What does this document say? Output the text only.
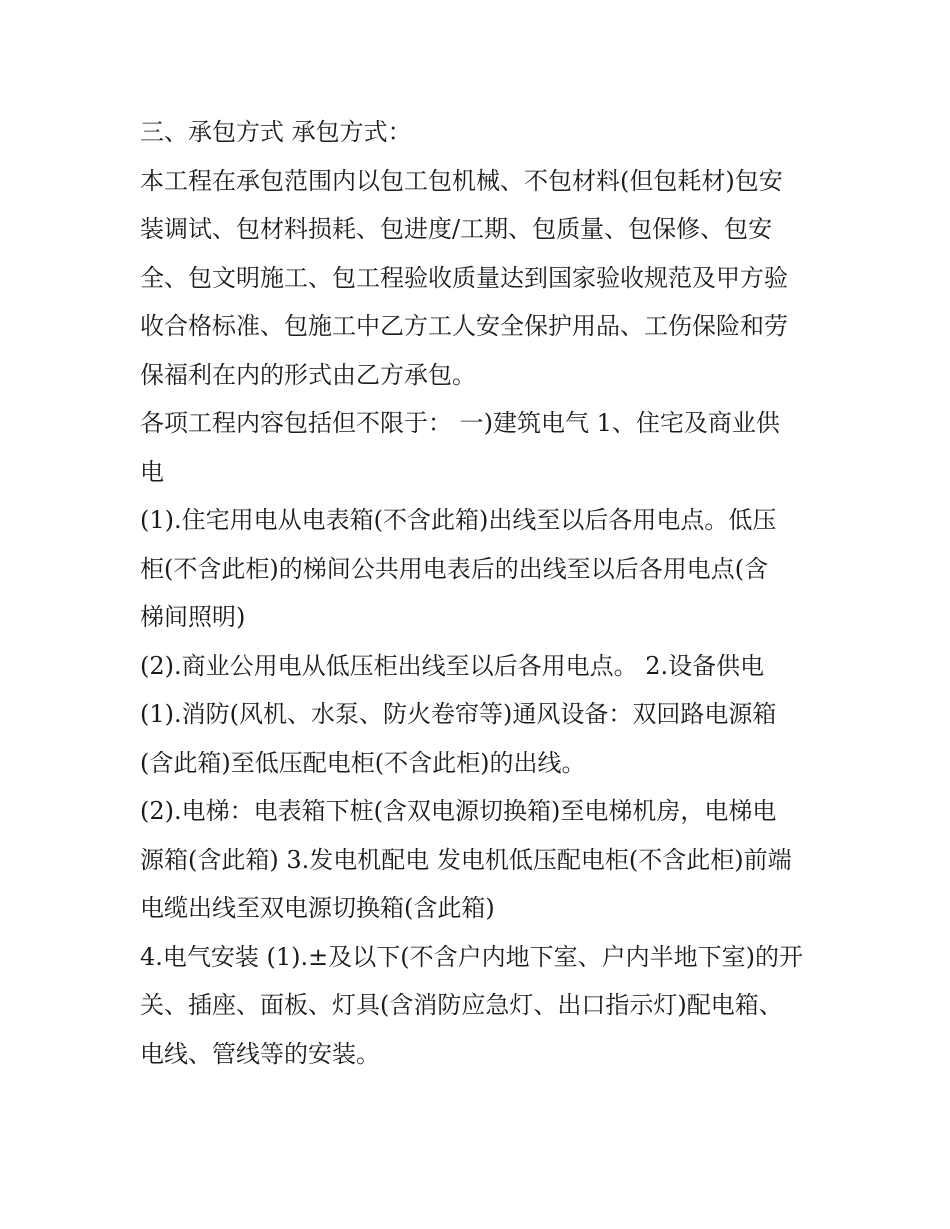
三、承包方式 承包方式：

本工程在承包范围内以包工包机械、不包材料(但包耗材)包安
装调试、包材料损耗、包进度/工期、包质量、包保修、包安
全、包文明施工、包工程验收质量达到国家验收规范及甲方验
收合格标准、包施工中乙方工人安全保护用品、工伤保险和劳
保福利在内的形式由乙方承包。

各项工程内容包括但不限于： 一)建筑电气 1、住宅及商业供
电

(1).住宅用电从电表箱(不含此箱)出线至以后各用电点。低压
柜(不含此柜)的梯间公共用电表后的出线至以后各用电点(含
梯间照明)

(2).商业公用电从低压柜出线至以后各用电点。 2.设备供电

(1).消防(风机、水泵、防火卷帘等)通风设备：双回路电源箱
(含此箱)至低压配电柜(不含此柜)的出线。

(2).电梯：电表箱下桩(含双电源切换箱)至电梯机房，电梯电
源箱(含此箱) 3.发电机配电 发电机低压配电柜(不含此柜)前端
电缆出线至双电源切换箱(含此箱)

4.电气安装 (1).±及以下(不含户内地下室、户内半地下室)的开
关、插座、面板、灯具(含消防应急灯、出口指示灯)配电箱、
电线、管线等的安装。
